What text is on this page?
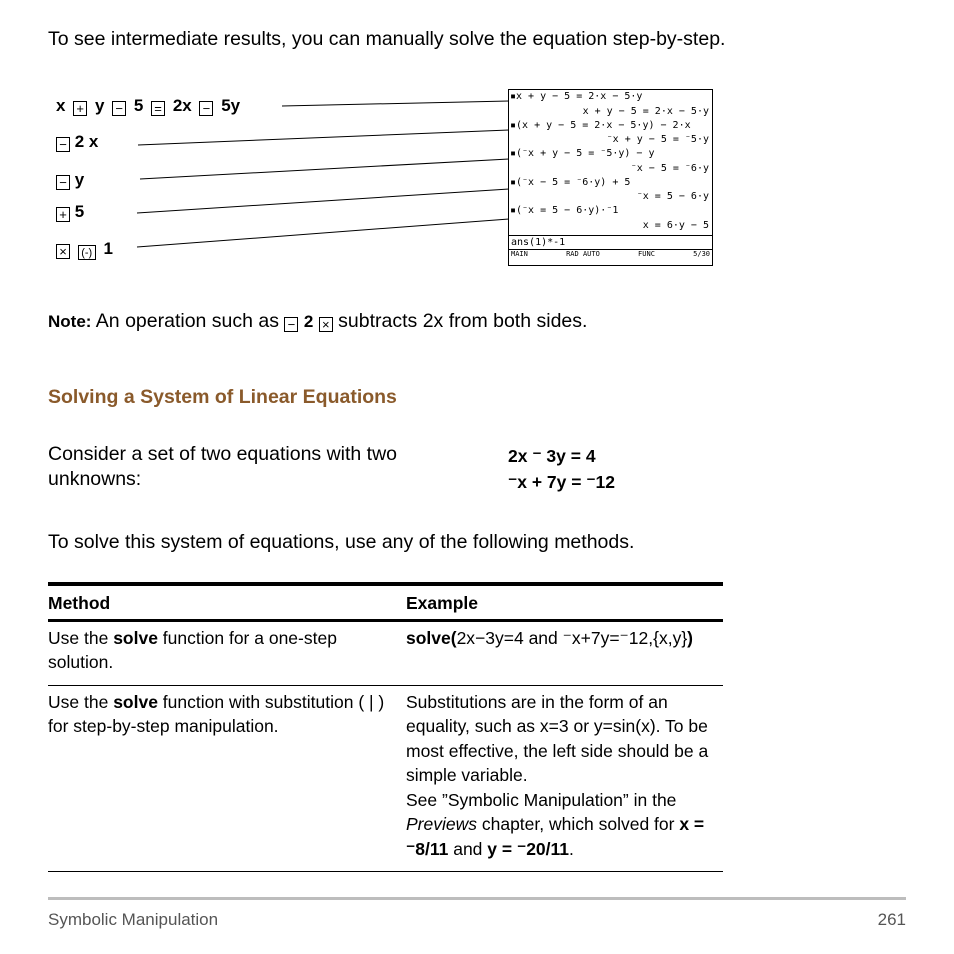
To see intermediate results, you can manually solve the equation step-by-step.
x + y − 5 = 2x − 5y
− 2 x
− y
+ 5
× (-) 1
▪x + y − 5 = 2·x − 5·y
x + y − 5 = 2·x − 5·y
▪(x + y − 5 = 2·x − 5·y) − 2·x
⁻x + y − 5 = ⁻5·y
▪(⁻x + y − 5 = ⁻5·y) − y
⁻x − 5 = ⁻6·y
▪(⁻x − 5 = ⁻6·y) + 5
⁻x = 5 − 6·y
▪(⁻x = 5 − 6·y)·⁻1
x = 6·y − 5
ans(1)*-1
MAIN	RAD AUTO	FUNC	5/30
Note: An operation such as − 2 × subtracts 2x from both sides.
Solving a System of Linear Equations
Consider a set of two equations with two unknowns:
2x ⁻ 3y = 4
⁻x + 7y = ⁻12
To solve this system of equations, use any of the following methods.
Method	Example
Use the solve function for a one-step solution.	solve(2x−3y=4 and ⁻x+7y=⁻12,{x,y})
Use the solve function with substitution ( | ) for step-by-step manipulation.	Substitutions are in the form of an equality, such as x=3 or y=sin(x). To be most effective, the left side should be a simple variable.
See ”Symbolic Manipulation” in the Previews chapter, which solved for x = ⁻8/11 and y = ⁻20/11.
Symbolic Manipulation	261
